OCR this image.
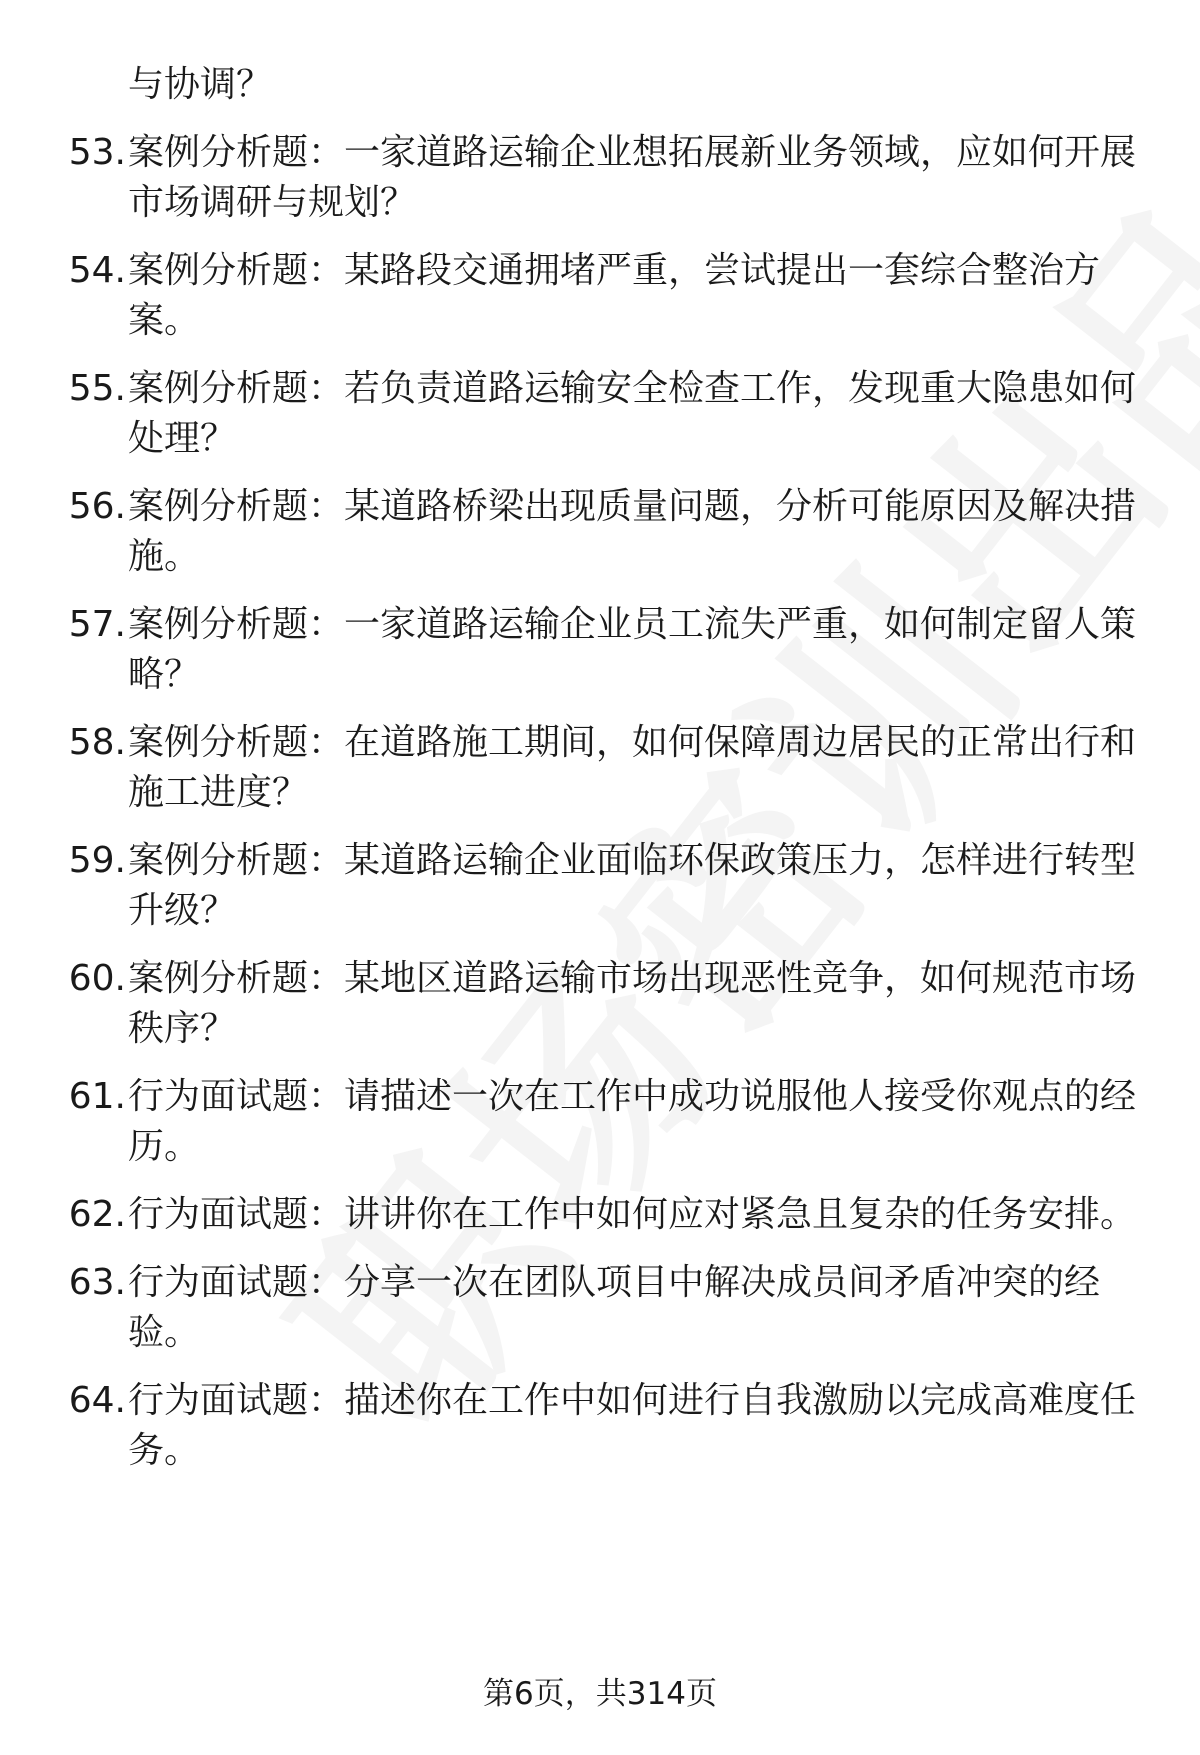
与协调？
53. 案例分析题：一家道路运输企业想拓展新业务领域，应如何开展
市场调研与规划？
54. 案例分析题：某路段交通拥堵严重，尝试提出一套综合整治方
案。
55. 案例分析题：若负责道路运输安全检查工作，发现重大隐患如何
处理？
56. 案例分析题：某道路桥梁出现质量问题，分析可能原因及解决措
施。
57. 案例分析题：一家道路运输企业员工流失严重，如何制定留人策
略？
58. 案例分析题：在道路施工期间，如何保障周边居民的正常出行和
施工进度？
59. 案例分析题：某道路运输企业面临环保政策压力，怎样进行转型
升级？
60. 案例分析题：某地区道路运输市场出现恶性竞争，如何规范市场
秩序？
61. 行为面试题：请描述一次在工作中成功说服他人接受你观点的经
历。
62. 行为面试题：讲讲你在工作中如何应对紧急且复杂的任务安排。
63. 行为面试题：分享一次在团队项目中解决成员间矛盾冲突的经
验。
64. 行为面试题：描述你在工作中如何进行自我激励以完成高难度任
务。
第6页，共314页
